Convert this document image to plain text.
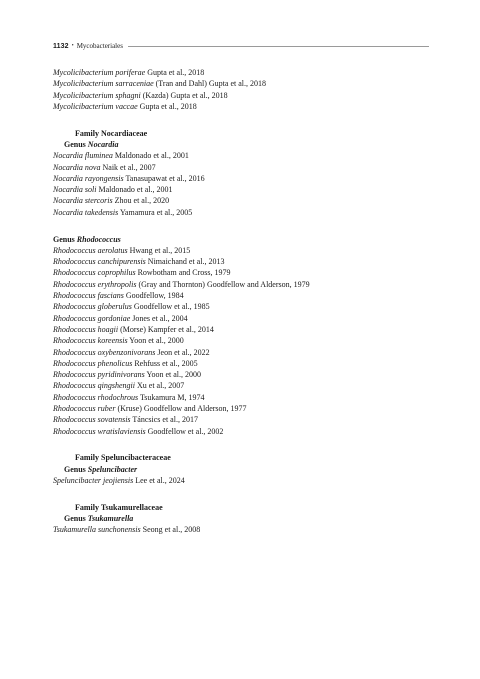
1132 • Mycobacteriales
Mycolicibacterium poriferae Gupta et al., 2018
Mycolicibacterium sarraceniae (Tran and Dahl) Gupta et al., 2018
Mycolicibacterium sphagni (Kazda) Gupta et al., 2018
Mycolicibacterium vaccae Gupta et al., 2018
Family Nocardiaceae
Genus Nocardia
Nocardia fluminea Maldonado et al., 2001
Nocardia nova Naik et al., 2007
Nocardia rayongensis Tanasupawat et al., 2016
Nocardia soli Maldonado et al., 2001
Nocardia stercoris Zhou et al., 2020
Nocardia takedensis Yamamura et al., 2005
Genus Rhodococcus
Rhodococcus aerolatus Hwang et al., 2015
Rhodococcus canchipurensis Nimaichand et al., 2013
Rhodococcus coprophilus Rowbotham and Cross, 1979
Rhodococcus erythropolis (Gray and Thornton) Goodfellow and Alderson, 1979
Rhodococcus fascians Goodfellow, 1984
Rhodococcus globerulus Goodfellow et al., 1985
Rhodococcus gordoniae Jones et al., 2004
Rhodococcus hoagii (Morse) Kampfer et al., 2014
Rhodococcus koreensis Yoon et al., 2000
Rhodococcus oxybenzonivorans Jeon et al., 2022
Rhodococcus phenolicus Rehfuss et al., 2005
Rhodococcus pyridinivorans Yoon et al., 2000
Rhodococcus qingshengii Xu et al., 2007
Rhodococcus rhodochrous Tsukamura M, 1974
Rhodococcus ruber (Kruse) Goodfellow and Alderson, 1977
Rhodococcus sovatensis Táncsics et al., 2017
Rhodococcus wratislaviensis Goodfellow et al., 2002
Family Speluncibacteraceae
Genus Speluncibacter
Speluncibacter jeojiensis Lee et al., 2024
Family Tsukamurellaceae
Genus Tsukamurella
Tsukamurella sunchonensis Seong et al., 2008
